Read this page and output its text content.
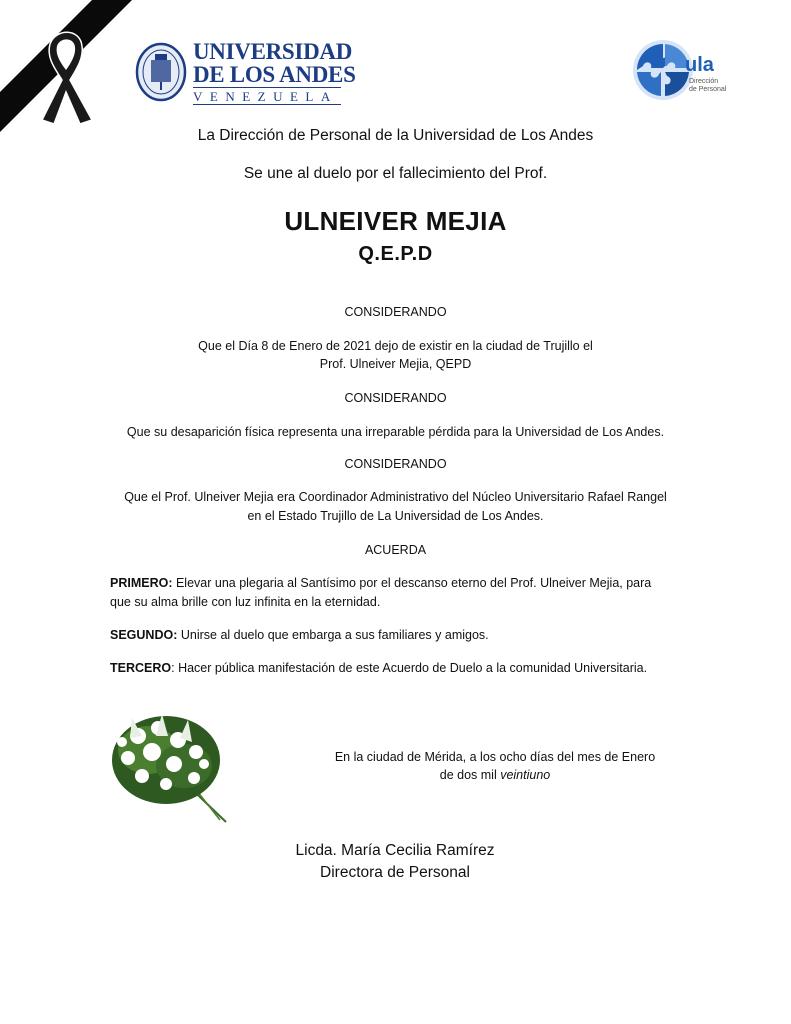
UNIVERSIDAD
DE LOS ANDES
VENEZUELA
ula
Dirección
de Personal
La Dirección de Personal de la Universidad de Los Andes
Se une al duelo por el fallecimiento del Prof.
ULNEIVER MEJIA
Q.E.P.D
CONSIDERANDO
Que el Día 8 de Enero de 2021 dejo de existir en la ciudad de Trujillo el
Prof. Ulneiver Mejia, QEPD
CONSIDERANDO
Que su desaparición física representa una irreparable pérdida para la Universidad de Los Andes.
CONSIDERANDO
Que el Prof. Ulneiver Mejia era Coordinador Administrativo del Núcleo Universitario Rafael Rangel
en el Estado Trujillo de La Universidad de Los Andes.
ACUERDA
PRIMERO: Elevar una plegaria al Santísimo por el descanso eterno del Prof. Ulneiver Mejia, para
que su alma brille con luz infinita en la eternidad.
SEGUNDO: Unirse al duelo que embarga a sus familiares y amigos.
TERCERO: Hacer pública manifestación de este Acuerdo de Duelo a la comunidad Universitaria.
En la ciudad de Mérida, a los ocho días del mes de Enero
de dos mil veintiuno
Licda. María Cecilia Ramírez
Directora de Personal
